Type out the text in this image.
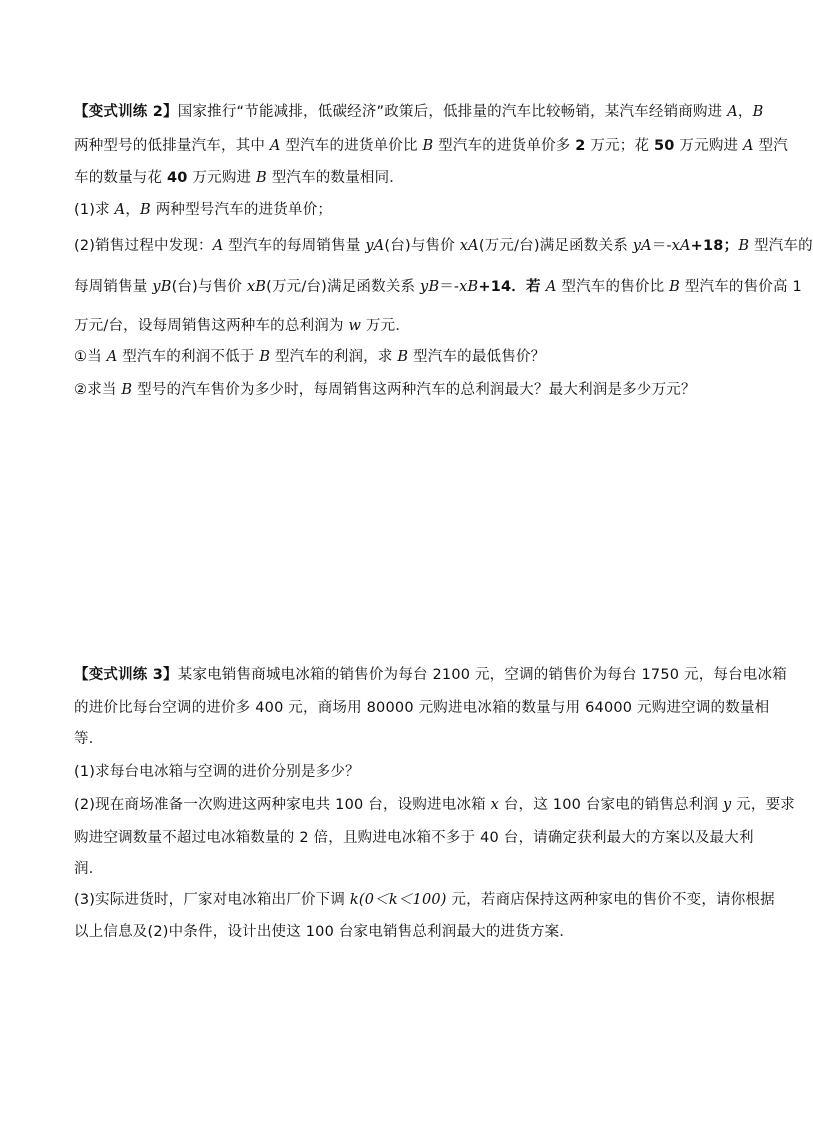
【变式训练 2】国家推行“节能减排，低碳经济”政策后，低排量的汽车比较畅销，某汽车经销商购进 A，B
两种型号的低排量汽车，其中 A 型汽车的进货单价比 B 型汽车的进货单价多 2 万元；花 50 万元购进 A 型汽
车的数量与花 40 万元购进 B 型汽车的数量相同．
(1)求 A，B 两种型号汽车的进货单价；
(2)销售过程中发现：A 型汽车的每周销售量 yA(台)与售价 xA(万元/台)满足函数关系 yA＝-xA+18；B 型汽车的
每周销售量 yB(台)与售价 xB(万元/台)满足函数关系 yB＝-xB+14．若 A 型汽车的售价比 B 型汽车的售价高 1
万元/台，设每周销售这两种车的总利润为 w 万元．
①当 A 型汽车的利润不低于 B 型汽车的利润，求 B 型汽车的最低售价？
②求当 B 型号的汽车售价为多少时，每周销售这两种汽车的总利润最大？最大利润是多少万元？
【变式训练 3】某家电销售商城电冰箱的销售价为每台 2100 元，空调的销售价为每台 1750 元，每台电冰箱
的进价比每台空调的进价多 400 元，商场用 80000 元购进电冰箱的数量与用 64000 元购进空调的数量相
等．
(1)求每台电冰箱与空调的进价分别是多少？
(2)现在商场准备一次购进这两种家电共 100 台，设购进电冰箱 x 台，这 100 台家电的销售总利润 y 元，要求
购进空调数量不超过电冰箱数量的 2 倍，且购进电冰箱不多于 40 台，请确定获利最大的方案以及最大利
润．
(3)实际进货时，厂家对电冰箱出厂价下调 k(0＜k＜100) 元，若商店保持这两种家电的售价不变，请你根据
以上信息及(2)中条件，设计出使这 100 台家电销售总利润最大的进货方案．
